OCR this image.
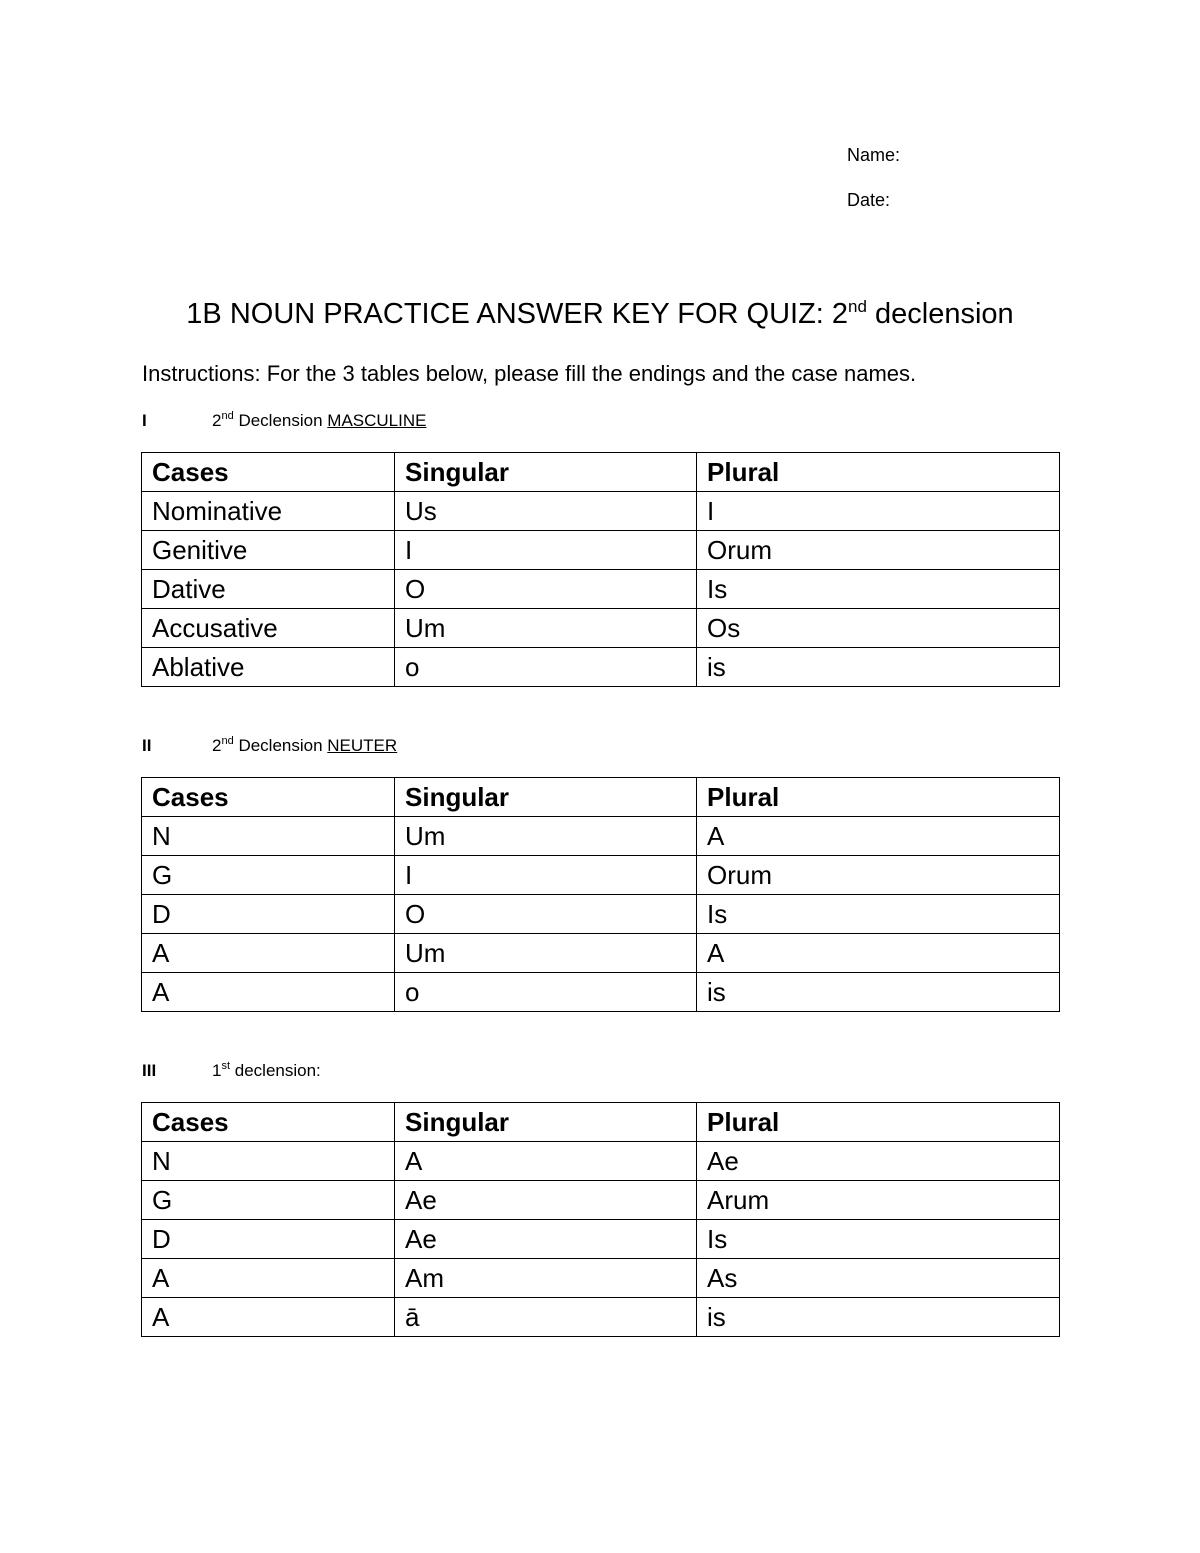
Name:
Date:
1B NOUN PRACTICE ANSWER KEY FOR QUIZ: 2nd declension
Instructions: For the 3 tables below, please fill the endings and the case names.
I	2nd Declension MASCULINE
Cases	Singular	Plural
Nominative	Us	I
Genitive	I	Orum
Dative	O	Is
Accusative	Um	Os
Ablative	o	is
II	2nd Declension NEUTER
Cases	Singular	Plural
N	Um	A
G	I	Orum
D	O	Is
A	Um	A
A	o	is
III	1st declension:
Cases	Singular	Plural
N	A	Ae
G	Ae	Arum
D	Ae	Is
A	Am	As
A	ā	is
